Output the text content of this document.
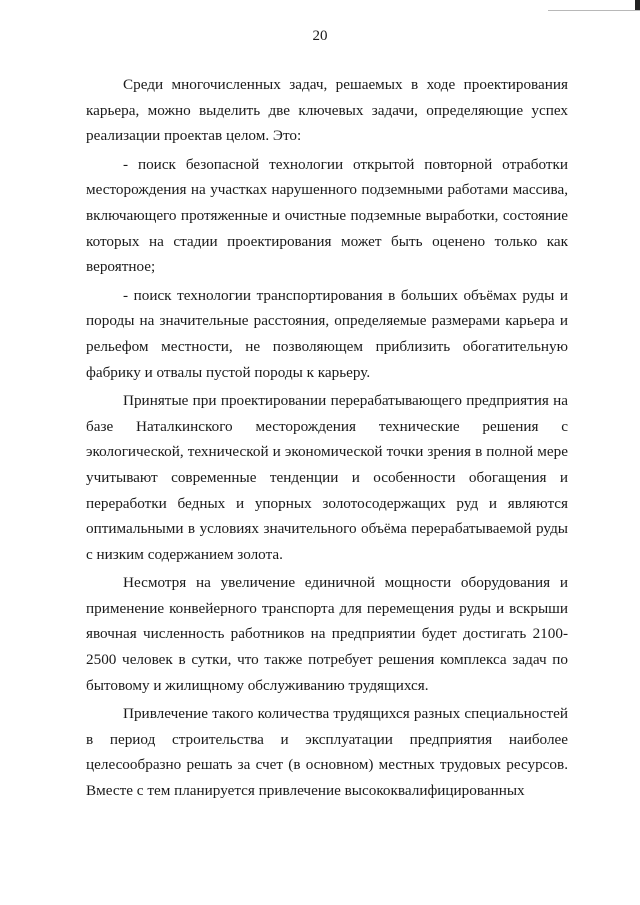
20

Среди многочисленных задач, решаемых в ходе проектирования карьера, можно выделить две ключевых задачи, определяющие успех реализации проектав целом. Это:

- поиск безопасной технологии открытой повторной отработки месторождения на участках нарушенного подземными работами массива, включающего протяженные и очистные подземные выработки, состояние которых на стадии проектирования может быть оценено только как вероятное;

- поиск технологии транспортирования в больших объёмах руды и породы на значительные расстояния, определяемые размерами карьера и рельефом местности, не позволяющем приблизить обогатительную фабрику и отвалы пустой породы к карьеру.

Принятые при проектировании перерабатывающего предприятия на базе Наталкинского месторождения технические решения с экологической, технической и экономической точки зрения в полной мере учитывают современные тенденции и особенности обогащения и переработки бедных и упорных золотосодержащих руд и являются оптимальными в условиях значительного объёма перерабатываемой руды с низким содержанием золота.

Несмотря на увеличение единичной мощности оборудования и применение конвейерного транспорта для перемещения руды и вскрыши явочная численность работников на предприятии будет достигать 2100-2500 человек в сутки, что также потребует решения комплекса задач по бытовому и жилищному обслуживанию трудящихся.

Привлечение такого количества трудящихся разных специальностей в период строительства и эксплуатации предприятия наиболее целесообразно решать за счет (в основном) местных трудовых ресурсов. Вместе с тем планируется привлечение высококвалифицированных
